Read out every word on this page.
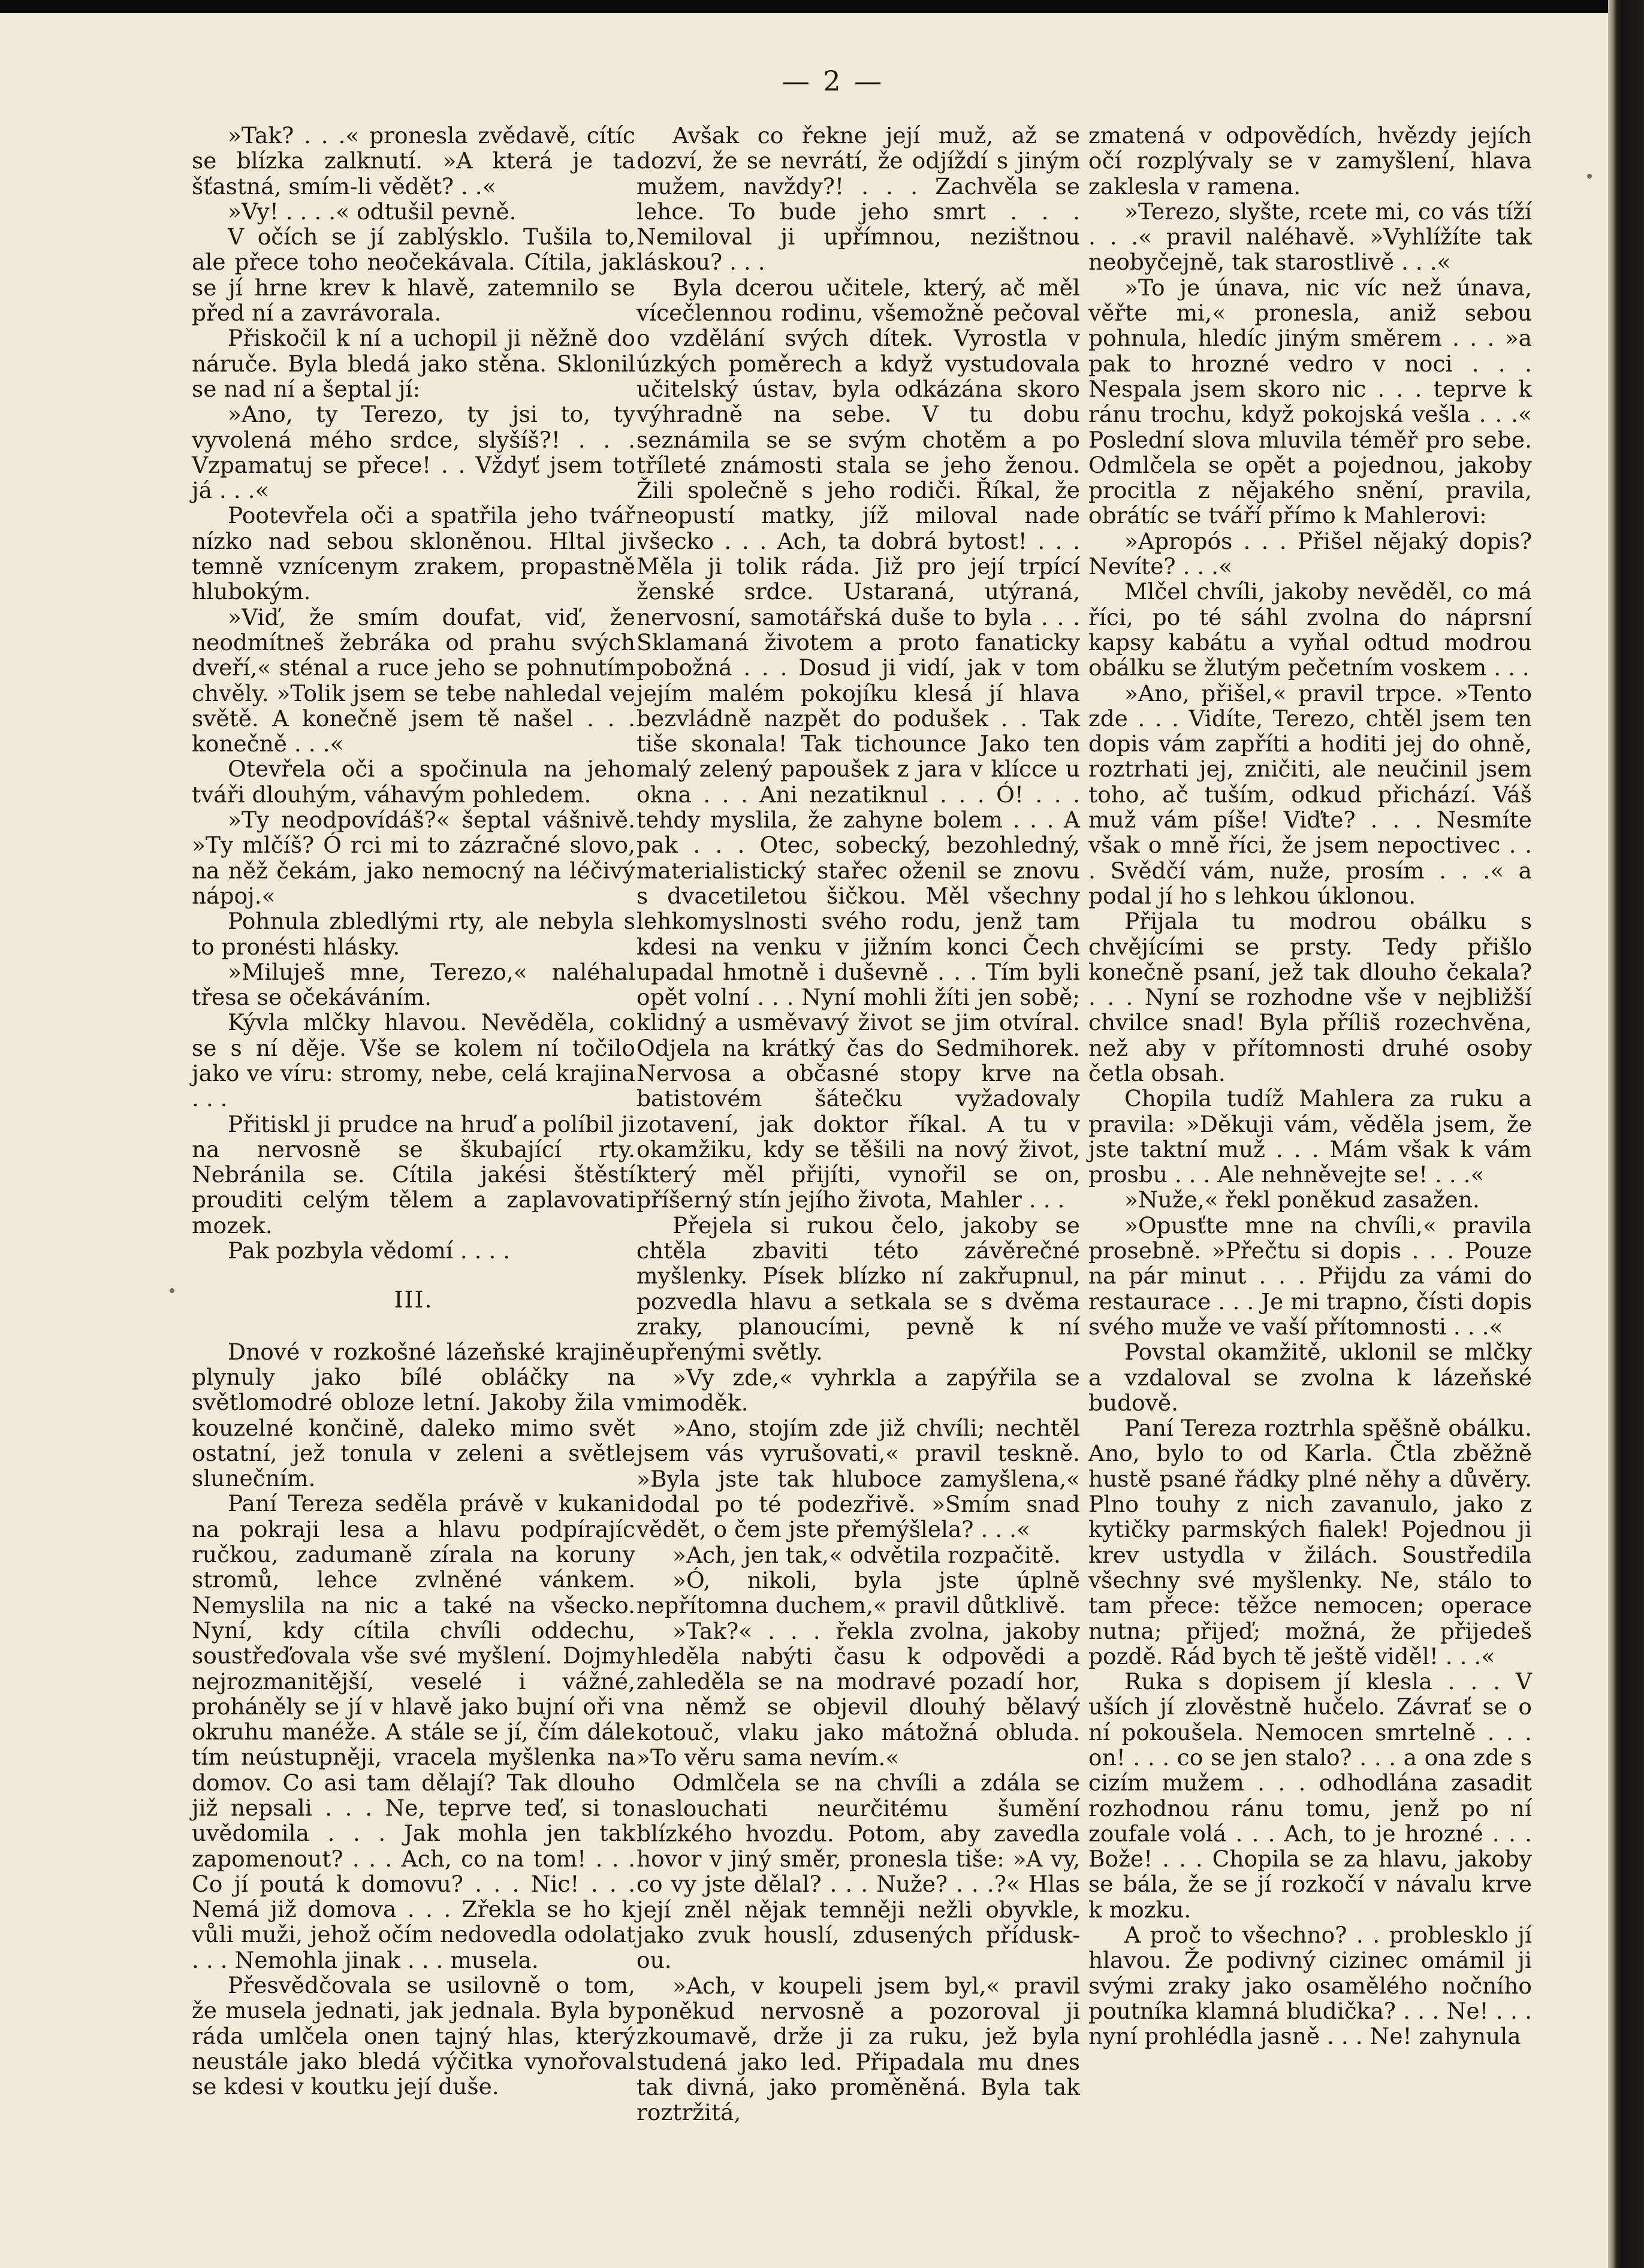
— 2 —

»Tak? . . .« pronesla zvědavě, cítíc se blízka zalknutí. »A která je ta šťastná, smím-li vědět? . .«

»Vy! . . . .« odtušil pevně.

V očích se jí zablýsklo. Tušila to, ale přece toho neočekávala. Cítila, jak se jí hrne krev k hlavě, zatemnilo se před ní a zavrávorala.

Přiskočil k ní a uchopil ji něžně do náruče. Byla bledá jako stěna. Sklonil se nad ní a šeptal jí:

»Ano, ty Terezo, ty jsi to, ty vyvolená mého srdce, slyšíš?! . . . Vzpamatuj se přece! . . Vždyť jsem to já . . .«

Pootevřela oči a spatřila jeho tvář nízko nad sebou skloněnou. Hltal ji temně vznícenym zrakem, propastně hlubokým.

»Viď, že smím doufat, viď, že neodmítneš žebráka od prahu svých dveří,« sténal a ruce jeho se pohnutím chvěly. »Tolik jsem se tebe nahledal ve světě. A konečně jsem tě našel . . . konečně . . .«

Otevřela oči a spočinula na jeho tváři dlouhým, váhavým pohledem.

»Ty neodpovídáš?« šeptal vášnivě. »Ty mlčíš? Ó rci mi to zázračné slovo, na něž čekám, jako nemocný na léčivý nápoj.«

Pohnula zbledlými rty, ale nebyla s to pronésti hlásky.

»Miluješ mne, Terezo,« naléhal třesa se očekáváním.

Kývla mlčky hlavou. Nevěděla, co se s ní děje. Vše se kolem ní točilo jako ve víru: stromy, nebe, celá krajina . . .

Přitiskl ji prudce na hruď a políbil ji na nervosně se škubající rty. Nebránila se. Cítila jakési štěstí prouditi celým tělem a zaplavovati mozek.

Pak pozbyla vědomí . . . .

III.

Dnové v rozkošné lázeňské krajině plynuly jako bílé obláčky na světlomodré obloze letní. Jakoby žila v kouzelné končině, daleko mimo svět ostatní, jež tonula v zeleni a světle slunečním.

Paní Tereza seděla právě v kukani na pokraji lesa a hlavu podpírajíc ručkou, zadumaně zírala na koruny stromů, lehce zvlněné vánkem. Nemyslila na nic a také na všecko. Nyní, kdy cítila chvíli oddechu, soustřeďovala vše své myšlení. Dojmy nejrozmanitější, veselé i vážné, proháněly se jí v hlavě jako bujní oři v okruhu manéže. A stále se jí, čím dále tím neústupněji, vracela myšlenka na domov. Co asi tam dělají? Tak dlouho již nepsali . . . Ne, teprve teď, si to uvědomila . . . Jak mohla jen tak zapomenout? . . . Ach, co na tom! . . . Co jí poutá k domovu? . . . Nic! . . . Nemá již domova . . . Zřekla se ho k vůli muži, jehož očím nedovedla odolat . . . Nemohla jinak . . . musela.

Přesvědčovala se usilovně o tom, že musela jednati, jak jednala. Byla by ráda umlčela onen tajný hlas, který neustále jako bledá výčitka vynořoval se kdesi v koutku její duše.

Avšak co řekne její muž, až se dozví, že se nevrátí, že odjíždí s jiným mužem, navždy?! . . . Zachvěla se lehce. To bude jeho smrt . . . Nemiloval ji upřímnou, nezištnou láskou? . . .

Byla dcerou učitele, který, ač měl vícečlennou rodinu, všemožně pečoval o vzdělání svých dítek. Vyrostla v úzkých poměrech a když vystudovala učitelský ústav, byla odkázána skoro výhradně na sebe. V tu dobu seznámila se se svým chotěm a po tříleté známosti stala se jeho ženou. Žili společně s jeho rodiči. Říkal, že neopustí matky, jíž miloval nade všecko . . . Ach, ta dobrá bytost! . . . Měla ji tolik ráda. Již pro její trpící ženské srdce. Ustaraná, utýraná, nervosní, samotářská duše to byla . . . Sklamaná životem a proto fanaticky pobožná . . . Dosud ji vidí, jak v tom jejím malém pokojíku klesá jí hlava bezvládně nazpět do podušek . . Tak tiše skonala! Tak tichounce Jako ten malý zelený papoušek z jara v klícce u okna . . . Ani nezatiknul . . . Ó! . . . tehdy myslila, že zahyne bolem . . . A pak . . . Otec, sobecký, bezohledný, materialistický stařec oženil se znovu s dvacetiletou šičkou. Měl všechny lehkomyslnosti svého rodu, jenž tam kdesi na venku v jižním konci Čech upadal hmotně i duševně . . . Tím byli opět volní . . . Nyní mohli žíti jen sobě; klidný a usměvavý život se jim otvíral. Odjela na krátký čas do Sedmihorek. Nervosa a občasné stopy krve na batistovém šátečku vyžadovaly zotavení, jak doktor říkal. A tu v okamžiku, kdy se těšili na nový život, který měl přijíti, vynořil se on, příšerný stín jejího života, Mahler . . .

Přejela si rukou čelo, jakoby se chtěla zbaviti této závěrečné myšlenky. Písek blízko ní zakřupnul, pozvedla hlavu a setkala se s dvěma zraky, planoucími, pevně k ní upřenými světly.

»Vy zde,« vyhrkla a zapýřila se mimoděk.

»Ano, stojím zde již chvíli; nechtěl jsem vás vyrušovati,« pravil teskně. »Byla jste tak hluboce zamyšlena,« dodal po té podezřivě. »Smím snad vědět, o čem jste přemýšlela? . . .«

»Ach, jen tak,« odvětila rozpačitě.

»Ó, nikoli, byla jste úplně nepřítomna duchem,« pravil důtklivě.

»Tak?« . . . řekla zvolna, jakoby hleděla nabýti času k odpovědi a zahleděla se na modravé pozadí hor, na němž se objevil dlouhý bělavý kotouč, vlaku jako mátožná obluda. »To věru sama nevím.«

Odmlčela se na chvíli a zdála se naslouchati neurčitému šumění blízkého hvozdu. Potom, aby zavedla hovor v jiný směr, pronesla tiše: »A vy, co vy jste dělal? . . . Nuže? . . .?« Hlas její zněl nějak temněji nežli obyvkle, jako zvuk houslí, zdusených příduskou.

»Ach, v koupeli jsem byl,« pravil poněkud nervosně a pozoroval ji zkoumavě, drže ji za ruku, jež byla studená jako led. Připadala mu dnes tak divná, jako proměněná. Byla tak roztržitá,

zmatená v odpovědích, hvězdy jejích očí rozplývaly se v zamyšlení, hlava zaklesla v ramena.

»Terezo, slyšte, rcete mi, co vás tíží . . .« pravil naléhavě. »Vyhlížíte tak neobyčejně, tak starostlivě . . .«

»To je únava, nic víc než únava, věřte mi,« pronesla, aniž sebou pohnula, hledíc jiným směrem . . . »a pak to hrozné vedro v noci . . . Nespala jsem skoro nic . . . teprve k ránu trochu, když pokojská vešla . . .« Poslední slova mluvila téměř pro sebe. Odmlčela se opět a pojednou, jakoby procitla z nějakého snění, pravila, obrátíc se tváří přímo k Mahlerovi:

»Apropós . . . Přišel nějaký dopis? Nevíte? . . .«

Mlčel chvíli, jakoby nevěděl, co má říci, po té sáhl zvolna do náprsní kapsy kabátu a vyňal odtud modrou obálku se žlutým pečetním voskem . . .

»Ano, přišel,« pravil trpce. »Tento zde . . . Vidíte, Terezo, chtěl jsem ten dopis vám zapříti a hoditi jej do ohně, roztrhati jej, zničiti, ale neučinil jsem toho, ač tuším, odkud přichází. Váš muž vám píše! Viďte? . . . Nesmíte však o mně říci, že jsem nepoctivec . . . Svědčí vám, nuže, prosím . . .« a podal jí ho s lehkou úklonou.

Přijala tu modrou obálku s chvějícími se prsty. Tedy přišlo konečně psaní, jež tak dlouho čekala? . . . Nyní se rozhodne vše v nejbližší chvilce snad! Byla příliš rozechvěna, než aby v přítomnosti druhé osoby četla obsah.

Chopila tudíž Mahlera za ruku a pravila: »Děkuji vám, věděla jsem, že jste taktní muž . . . Mám však k vám prosbu . . . Ale nehněvejte se! . . .«

»Nuže,« řekl poněkud zasažen.

»Opusťte mne na chvíli,« pravila prosebně. »Přečtu si dopis . . . Pouze na pár minut . . . Přijdu za vámi do restaurace . . . Je mi trapno, čísti dopis svého muže ve vaší přítomnosti . . .«

Povstal okamžitě, uklonil se mlčky a vzdaloval se zvolna k lázeňské budově.

Paní Tereza roztrhla spěšně obálku. Ano, bylo to od Karla. Čtla zběžně hustě psané řádky plné něhy a důvěry. Plno touhy z nich zavanulo, jako z kytičky parmských fialek! Pojednou ji krev ustydla v žilách. Soustředila všechny své myšlenky. Ne, stálo to tam přece: těžce nemocen; operace nutna; přijeď; možná, že přijedeš pozdě. Rád bych tě ještě viděl! . . .«

Ruka s dopisem jí klesla . . . V uších jí zlověstně hučelo. Závrať se o ní pokoušela. Nemocen smrtelně . . . on! . . . co se jen stalo? . . . a ona zde s cizím mužem . . . odhodlána zasadit rozhodnou ránu tomu, jenž po ní zoufale volá . . . Ach, to je hrozné . . . Bože! . . . Chopila se za hlavu, jakoby se bála, že se jí rozkočí v návalu krve k mozku.

A proč to všechno? . . problesklo jí hlavou. Že podivný cizinec omámil ji svými zraky jako osamělého nočního poutníka klamná bludička? . . . Ne! . . . nyní prohlédla jasně . . . Ne! zahynula
